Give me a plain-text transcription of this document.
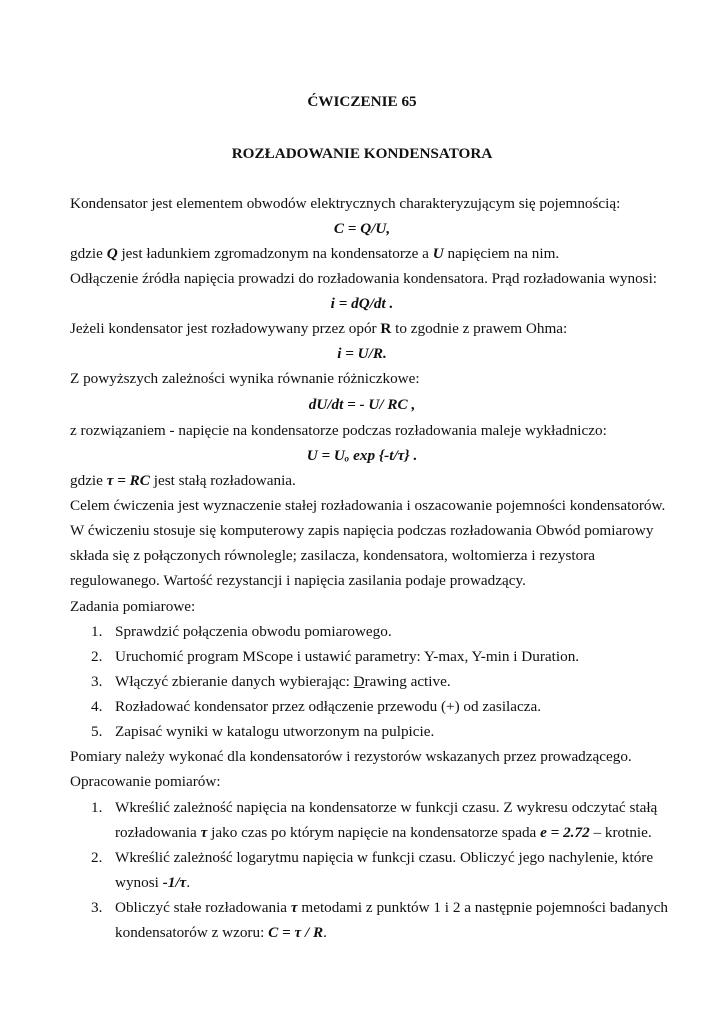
ĆWICZENIE 65
ROZŁADOWANIE KONDENSATORA
Kondensator jest elementem obwodów elektrycznych charakteryzującym się pojemnością:
C = Q/U,
gdzie Q jest ładunkiem zgromadzonym na kondensatorze a U napięciem na nim.
Odłączenie źródła napięcia prowadzi do rozładowania kondensatora. Prąd rozładowania wynosi:
i = dQ/dt .
Jeżeli kondensator jest rozładowywany przez opór R to zgodnie z prawem Ohma:
i = U/R.
Z powyższych zależności wynika równanie różniczkowe:
dU/dt = - U/ RC ,
z rozwiązaniem - napięcie na kondensatorze podczas rozładowania maleje wykładniczo:
U = Uₒ exp {-t/τ} .
gdzie τ = RC jest stałą rozładowania.
Celem ćwiczenia jest wyznaczenie stałej rozładowania i oszacowanie pojemności kondensatorów.
W ćwiczeniu stosuje się komputerowy zapis napięcia podczas rozładowania Obwód pomiarowy
składa się z połączonych równolegle; zasilacza, kondensatora, woltomierza i rezystora
regulowanego. Wartość rezystancji i napięcia zasilania podaje prowadzący.
Zadania pomiarowe:
1. Sprawdzić połączenia obwodu pomiarowego.
2. Uruchomić program MScope i ustawić parametry: Y-max, Y-min i Duration.
3. Włączyć zbieranie danych wybierając: Drawing active.
4. Rozładować kondensator przez odłączenie przewodu (+) od zasilacza.
5. Zapisać wyniki w katalogu utworzonym na pulpicie.
Pomiary należy wykonać dla kondensatorów i rezystorów wskazanych przez prowadzącego.
Opracowanie pomiarów:
1. Wkreślić zależność napięcia na kondensatorze w funkcji czasu. Z wykresu odczytać stałą
rozładowania τ jako czas po którym napięcie na kondensatorze spada e = 2.72 – krotnie.
2. Wkreślić zależność logarytmu napięcia w funkcji czasu. Obliczyć jego nachylenie, które
wynosi -1/τ.
3. Obliczyć stałe rozładowania τ metodami z punktów 1 i 2 a następnie pojemności badanych
kondensatorów z wzoru: C = τ / R.
